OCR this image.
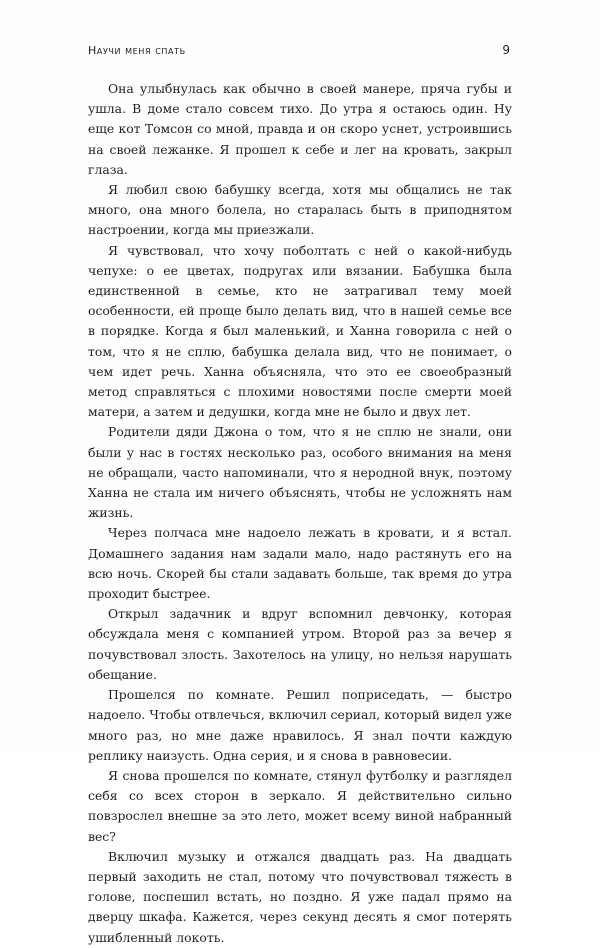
Научи меня спать	9

Она улыбнулась как обычно в своей манере, пряча губы и ушла. В доме стало совсем тихо. До утра я остаюсь один. Ну еще кот Томсон со мной, правда и он скоро уснет, устроившись на своей лежанке. Я прошел к себе и лег на кровать, закрыл глаза.

Я любил свою бабушку всегда, хотя мы общались не так много, она много болела, но старалась быть в приподнятом настроении, когда мы приезжали.

Я чувствовал, что хочу поболтать с ней о какой-нибудь чепухе: о ее цветах, подругах или вязании. Бабушка была единственной в семье, кто не затрагивал тему моей особенности, ей проще было делать вид, что в нашей семье все в порядке. Когда я был маленький, и Ханна говорила с ней о том, что я не сплю, бабушка делала вид, что не понимает, о чем идет речь. Ханна объясняла, что это ее своеобразный метод справляться с плохими новостями после смерти моей матери, а затем и дедушки, когда мне не было и двух лет.

Родители дяди Джона о том, что я не сплю не знали, они были у нас в гостях несколько раз, особого внимания на меня не обращали, часто напоминали, что я неродной внук, поэтому Ханна не стала им ничего объяснять, чтобы не усложнять нам жизнь.

Через полчаса мне надоело лежать в кровати, и я встал. Домашнего задания нам задали мало, надо растянуть его на всю ночь. Скорей бы стали задавать больше, так время до утра проходит быстрее.

Открыл задачник и вдруг вспомнил девчонку, которая обсуждала меня с компанией утром. Второй раз за вечер я почувствовал злость. Захотелось на улицу, но нельзя нарушать обещание.

Прошелся по комнате. Решил поприседать, — быстро надоело. Чтобы отвлечься, включил сериал, который видел уже много раз, но мне даже нравилось. Я знал почти каждую реплику наизусть. Одна серия, и я снова в равновесии.

Я снова прошелся по комнате, стянул футболку и разглядел себя со всех сторон в зеркало. Я действительно сильно повзрослел внешне за это лето, может всему виной набранный вес?

Включил музыку и отжался двадцать раз. На двадцать первый заходить не стал, потому что почувствовал тяжесть в голове, поспешил встать, но поздно. Я уже падал прямо на дверцу шкафа. Кажется, через секунд десять я смог потерять ушибленный локоть.
